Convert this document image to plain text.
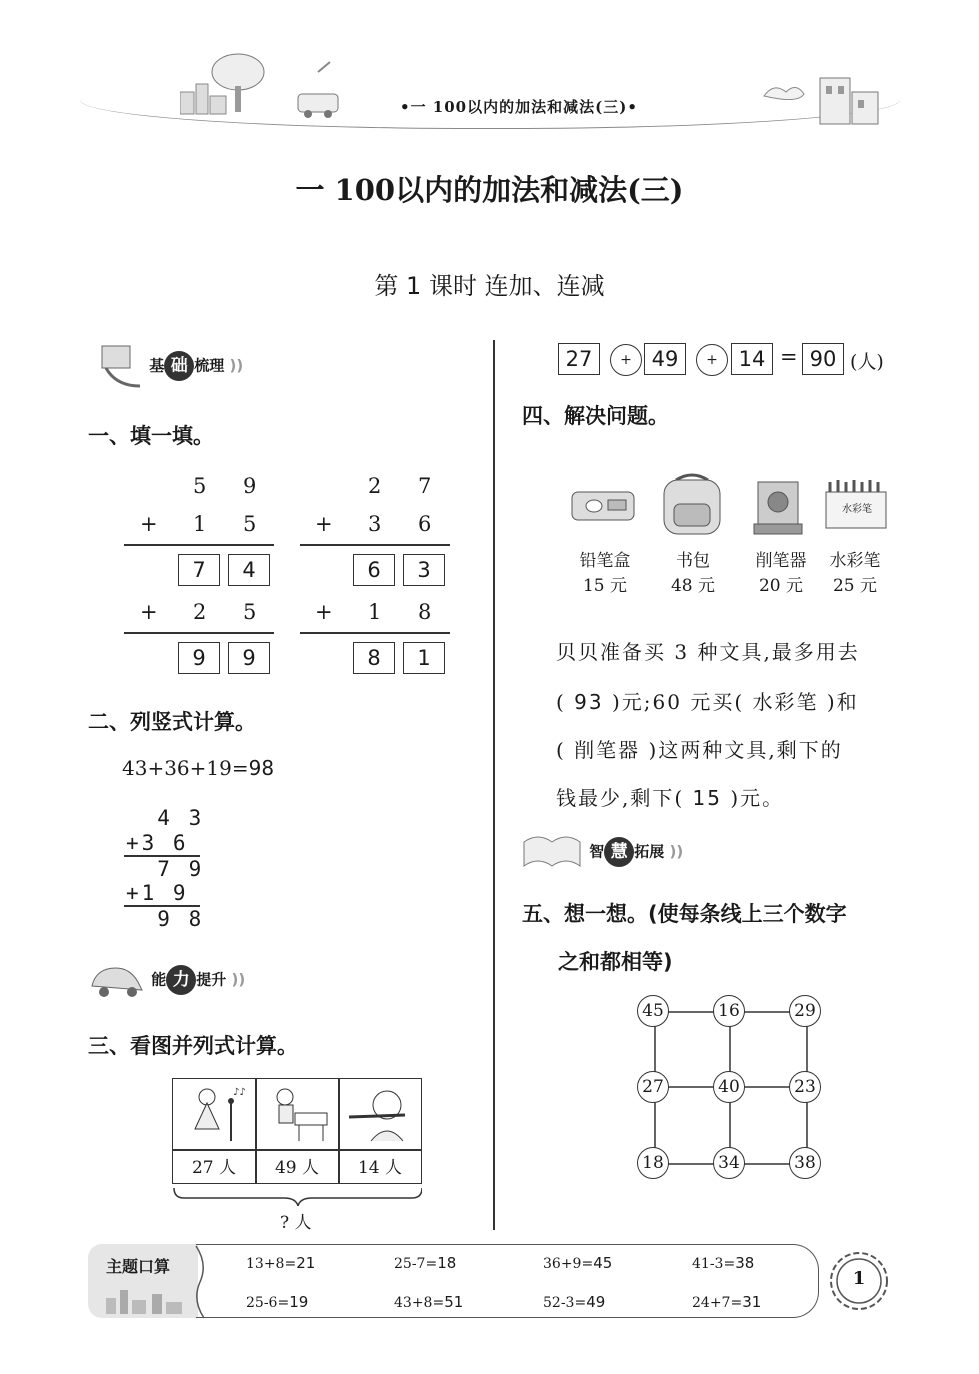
•一 100以内的加法和减法(三)•
一 100以内的加法和减法(三)
第 1 课时 连加、连减
基 础 梳理 ))
一、填一填。
5 9
+ 1 5
7	4
+ 2 5
9	9
2 7
+ 3 6
6	3
+ 1 8
8	1
二、列竖式计算。
43+36+19=98
4 3
+3 6
7 9
+1 9
9 8
能 力 提升 ))
三、看图并列式计算。
♪♪
27 人	49 人	14 人
? 人
27	+ 49	+ 14 = 90 (人)
四、解决问题。
水彩笔
铅笔盒
15 元
书包
48 元
削笔器
20 元
水彩笔
25 元
贝贝准备买 3 种文具,最多用去
( 93 )元;60 元买( 水彩笔 )和
( 削笔器 )这两种文具,剩下的
钱最少,剩下( 15 )元。
智 慧 拓展 ))
五、想一想。(使每条线上三个数字
之和都相等)
45	16	29
27	40	23
18	34	38
主题口算	13+8=21	25-7=18	36+9=45	41-3=38
25-6=19	43+8=51	52-3=49	24+7=31
1
